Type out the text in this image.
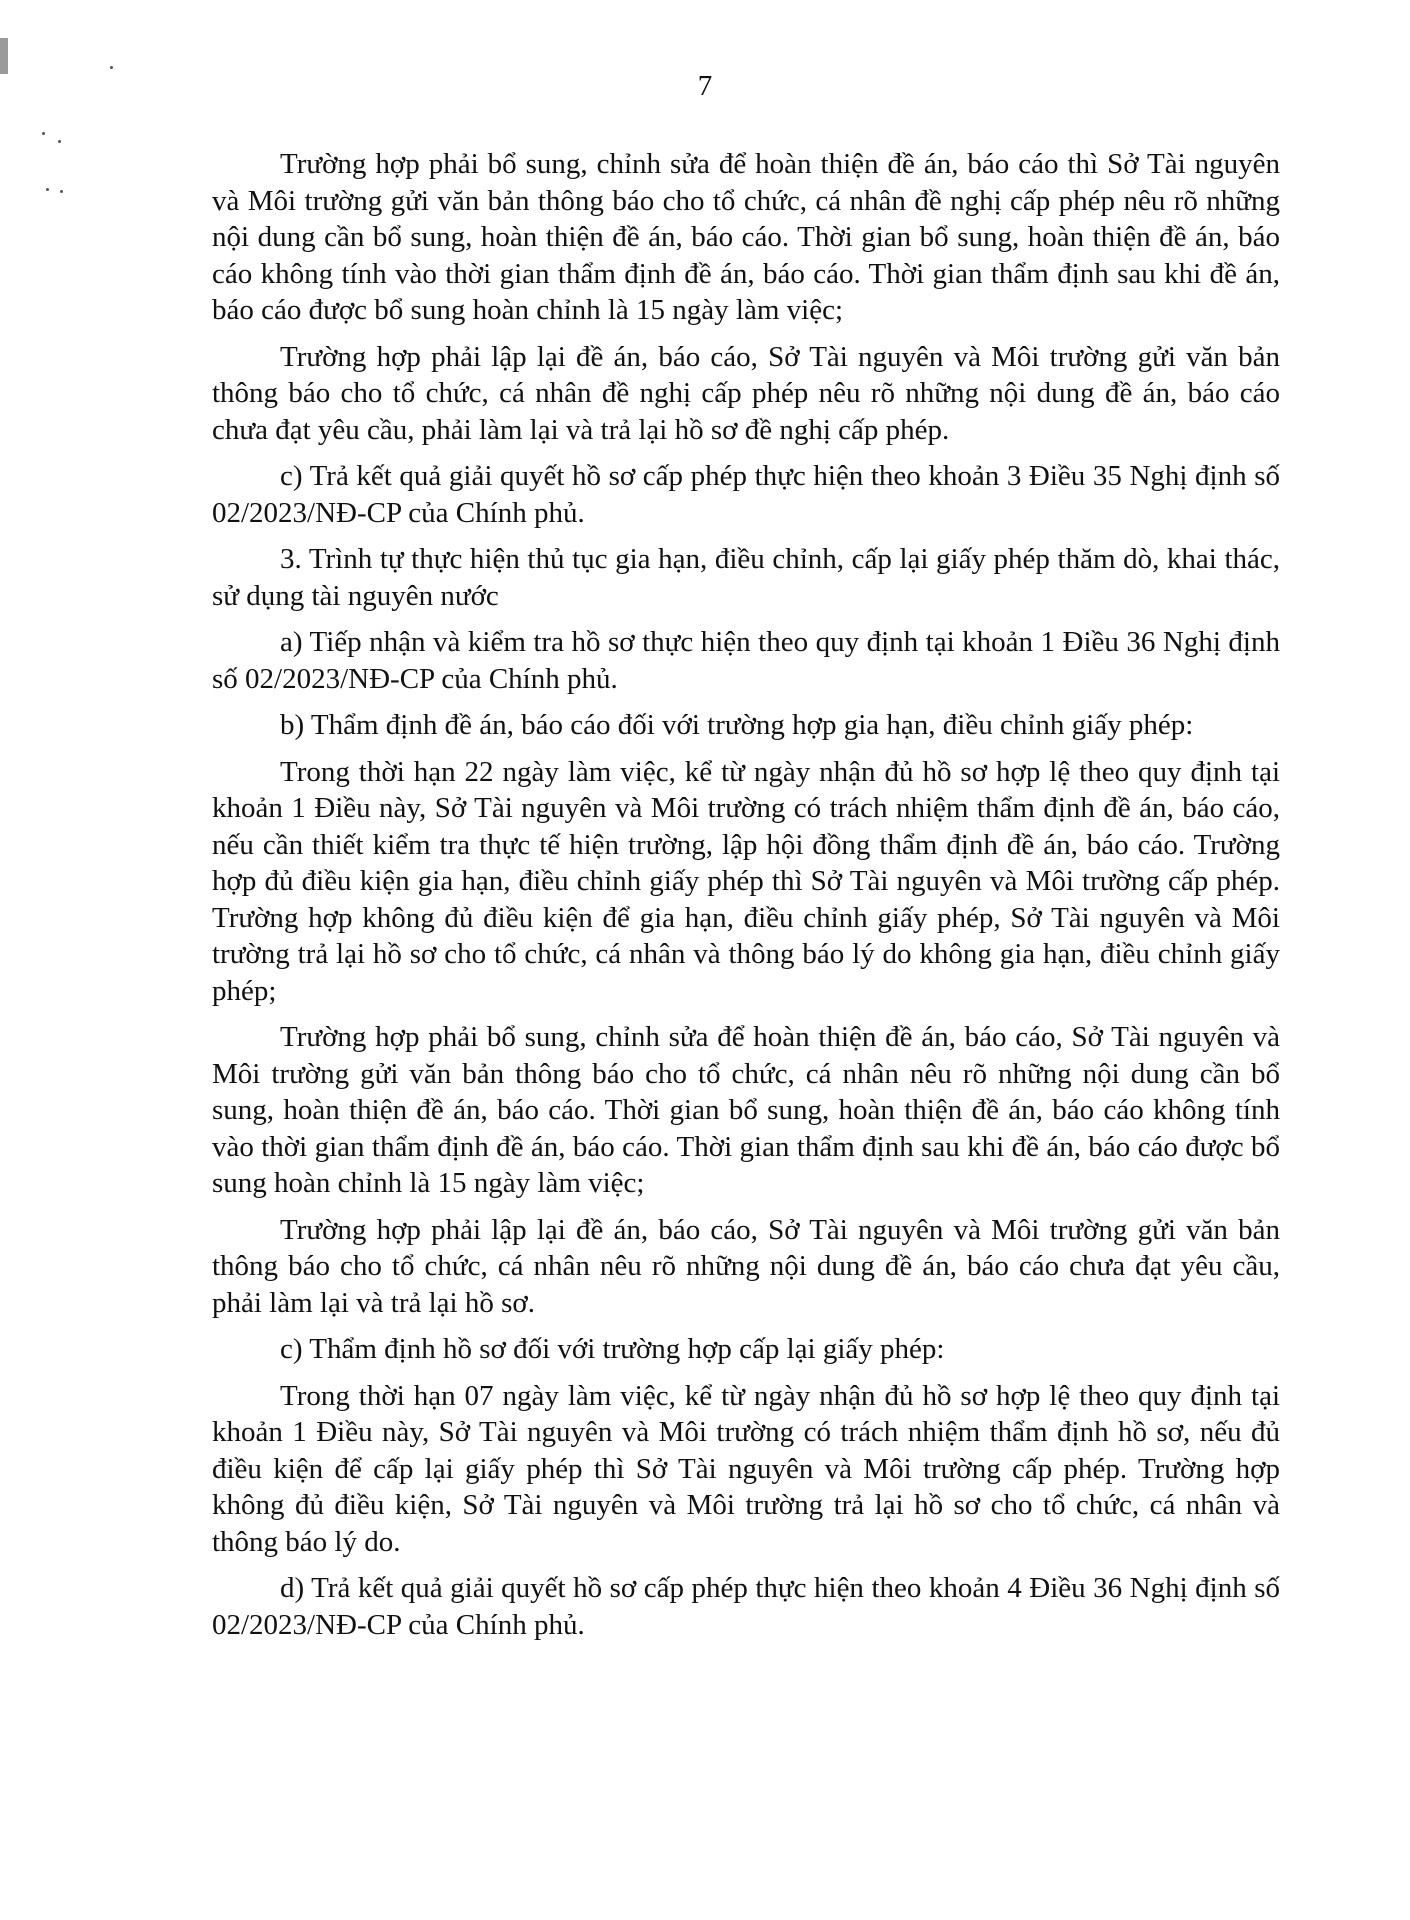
7

Trường hợp phải bổ sung, chỉnh sửa để hoàn thiện đề án, báo cáo thì Sở Tài nguyên và Môi trường gửi văn bản thông báo cho tổ chức, cá nhân đề nghị cấp phép nêu rõ những nội dung cần bổ sung, hoàn thiện đề án, báo cáo. Thời gian bổ sung, hoàn thiện đề án, báo cáo không tính vào thời gian thẩm định đề án, báo cáo. Thời gian thẩm định sau khi đề án, báo cáo được bổ sung hoàn chỉnh là 15 ngày làm việc;

Trường hợp phải lập lại đề án, báo cáo, Sở Tài nguyên và Môi trường gửi văn bản thông báo cho tổ chức, cá nhân đề nghị cấp phép nêu rõ những nội dung đề án, báo cáo chưa đạt yêu cầu, phải làm lại và trả lại hồ sơ đề nghị cấp phép.

c) Trả kết quả giải quyết hồ sơ cấp phép thực hiện theo khoản 3 Điều 35 Nghị định số 02/2023/NĐ-CP của Chính phủ.

3. Trình tự thực hiện thủ tục gia hạn, điều chỉnh, cấp lại giấy phép thăm dò, khai thác, sử dụng tài nguyên nước

a) Tiếp nhận và kiểm tra hồ sơ thực hiện theo quy định tại khoản 1 Điều 36 Nghị định số 02/2023/NĐ-CP của Chính phủ.

b) Thẩm định đề án, báo cáo đối với trường hợp gia hạn, điều chỉnh giấy phép:

Trong thời hạn 22 ngày làm việc, kể từ ngày nhận đủ hồ sơ hợp lệ theo quy định tại khoản 1 Điều này, Sở Tài nguyên và Môi trường có trách nhiệm thẩm định đề án, báo cáo, nếu cần thiết kiểm tra thực tế hiện trường, lập hội đồng thẩm định đề án, báo cáo. Trường hợp đủ điều kiện gia hạn, điều chỉnh giấy phép thì Sở Tài nguyên và Môi trường cấp phép. Trường hợp không đủ điều kiện để gia hạn, điều chỉnh giấy phép, Sở Tài nguyên và Môi trường trả lại hồ sơ cho tổ chức, cá nhân và thông báo lý do không gia hạn, điều chỉnh giấy phép;

Trường hợp phải bổ sung, chỉnh sửa để hoàn thiện đề án, báo cáo, Sở Tài nguyên và Môi trường gửi văn bản thông báo cho tổ chức, cá nhân nêu rõ những nội dung cần bổ sung, hoàn thiện đề án, báo cáo. Thời gian bổ sung, hoàn thiện đề án, báo cáo không tính vào thời gian thẩm định đề án, báo cáo. Thời gian thẩm định sau khi đề án, báo cáo được bổ sung hoàn chỉnh là 15 ngày làm việc;

Trường hợp phải lập lại đề án, báo cáo, Sở Tài nguyên và Môi trường gửi văn bản thông báo cho tổ chức, cá nhân nêu rõ những nội dung đề án, báo cáo chưa đạt yêu cầu, phải làm lại và trả lại hồ sơ.

c) Thẩm định hồ sơ đối với trường hợp cấp lại giấy phép:

Trong thời hạn 07 ngày làm việc, kể từ ngày nhận đủ hồ sơ hợp lệ theo quy định tại khoản 1 Điều này, Sở Tài nguyên và Môi trường có trách nhiệm thẩm định hồ sơ, nếu đủ điều kiện để cấp lại giấy phép thì Sở Tài nguyên và Môi trường cấp phép. Trường hợp không đủ điều kiện, Sở Tài nguyên và Môi trường trả lại hồ sơ cho tổ chức, cá nhân và thông báo lý do.

d) Trả kết quả giải quyết hồ sơ cấp phép thực hiện theo khoản 4 Điều 36 Nghị định số 02/2023/NĐ-CP của Chính phủ.
